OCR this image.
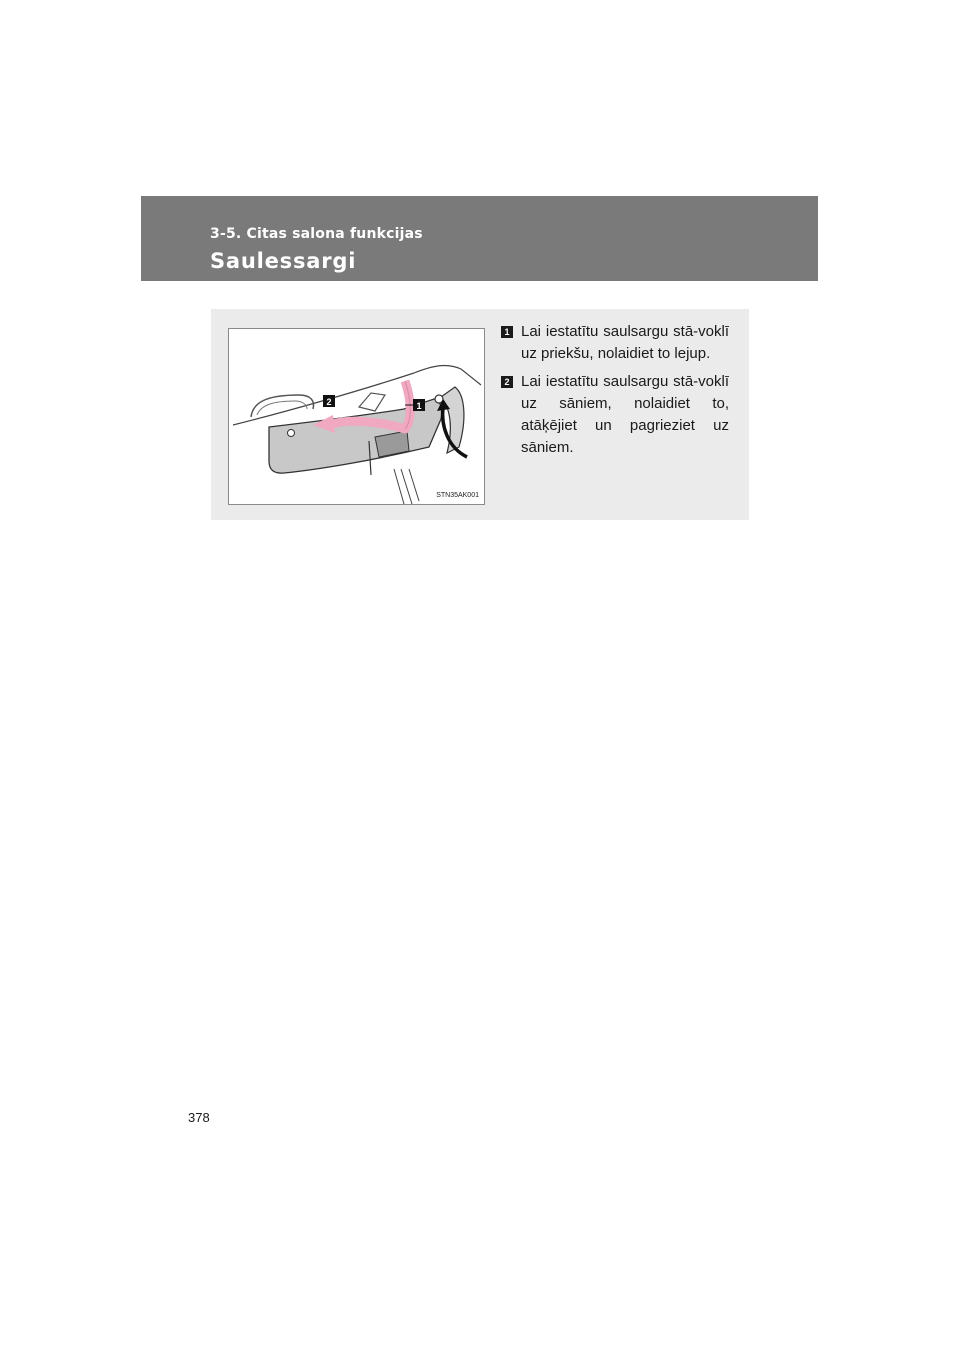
3-5. Citas salona funkcijas
Saulessargi
2	1
STN35AK001
1 Lai iestatītu saulsargu stā-voklī uz priekšu, nolaidiet to lejup.
2 Lai iestatītu saulsargu stā-voklī uz sāniem, nolaidiet to, atāķējiet un pagrieziet uz sāniem.
378
